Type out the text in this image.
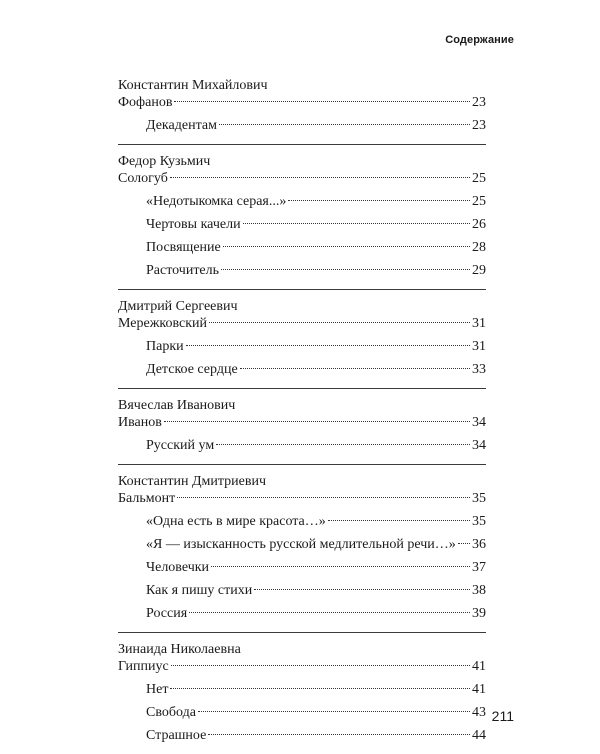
Содержание
Константин Михайлович
Фофанов	23
Декадентам	23
Федор Кузьмич
Сологуб	25
«Недотыкомка серая...»	25
Чертовы качели	26
Посвящение	28
Расточитель	29
Дмитрий Сергеевич
Мережковский	31
Парки	31
Детское сердце	33
Вячеслав Иванович
Иванов	34
Русский ум	34
Константин Дмитриевич
Бальмонт	35
«Одна есть в мире красота…»	35
«Я — изысканность русской медлительной речи…» 36
Человечки	37
Как я пишу стихи	38
Россия	39
Зинаида Николаевна
Гиппиус	41
Нет	41
Свобода	43
Страшное	44
211
